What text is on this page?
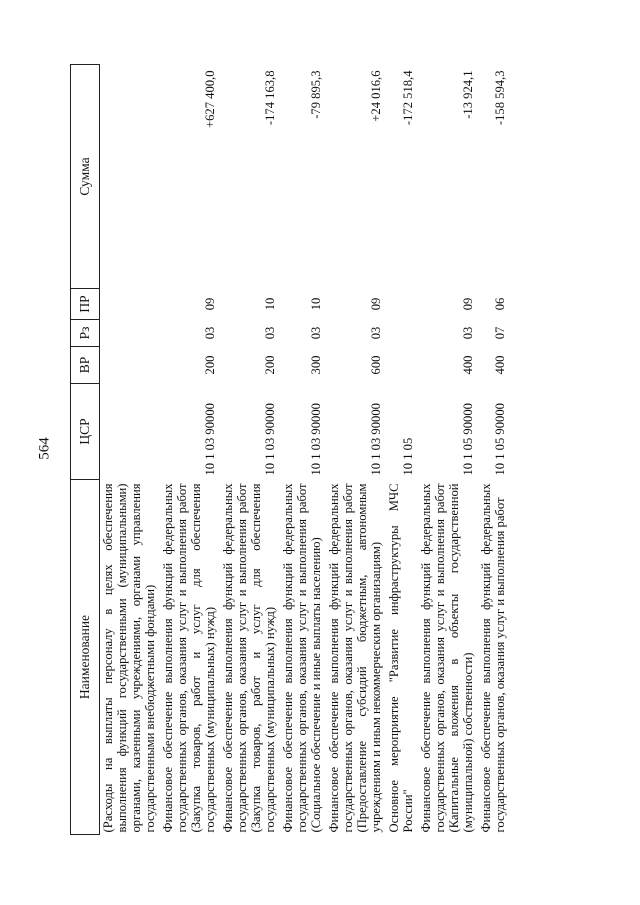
564
Наименование	ЦСР	ВР	Рз	ПР	Сумма
(Расходы на выплаты персоналу в целях обеспечения выполнения функций государственными (муниципальными) органами, казенными учреждениями, органами управления государственными внебюджетными фондами)					
Финансовое обеспечение выполнения функций федеральных государственных органов, оказания услуг и выполнения работ (Закупка товаров, работ и услуг для обеспечения государственных (муниципальных) нужд)	10 1 03 90000	200	03	09	+627 400,0
Финансовое обеспечение выполнения функций федеральных государственных органов, оказания услуг и выполнения работ (Закупка товаров, работ и услуг для обеспечения государственных (муниципальных) нужд)	10 1 03 90000	200	03	10	-174 163,8
Финансовое обеспечение выполнения функций федеральных государственных органов, оказания услуг и выполнения работ (Социальное обеспечение и иные выплаты населению)	10 1 03 90000	300	03	10	-79 895,3
Финансовое обеспечение выполнения функций федеральных государственных органов, оказания услуг и выполнения работ (Предоставление субсидий бюджетным, автономным учреждениям и иным некоммерческим организациям)	10 1 03 90000	600	03	09	+24 016,6
Основное мероприятие "Развитие инфраструктуры МЧС России"	10 1 05				-172 518,4
Финансовое обеспечение выполнения функций федеральных государственных органов, оказания услуг и выполнения работ (Капитальные вложения в объекты государственной (муниципальной) собственности)	10 1 05 90000	400	03	09	-13 924,1
Финансовое обеспечение выполнения функций федеральных государственных органов, оказания услуг и выполнения работ	10 1 05 90000	400	07	06	-158 594,3
